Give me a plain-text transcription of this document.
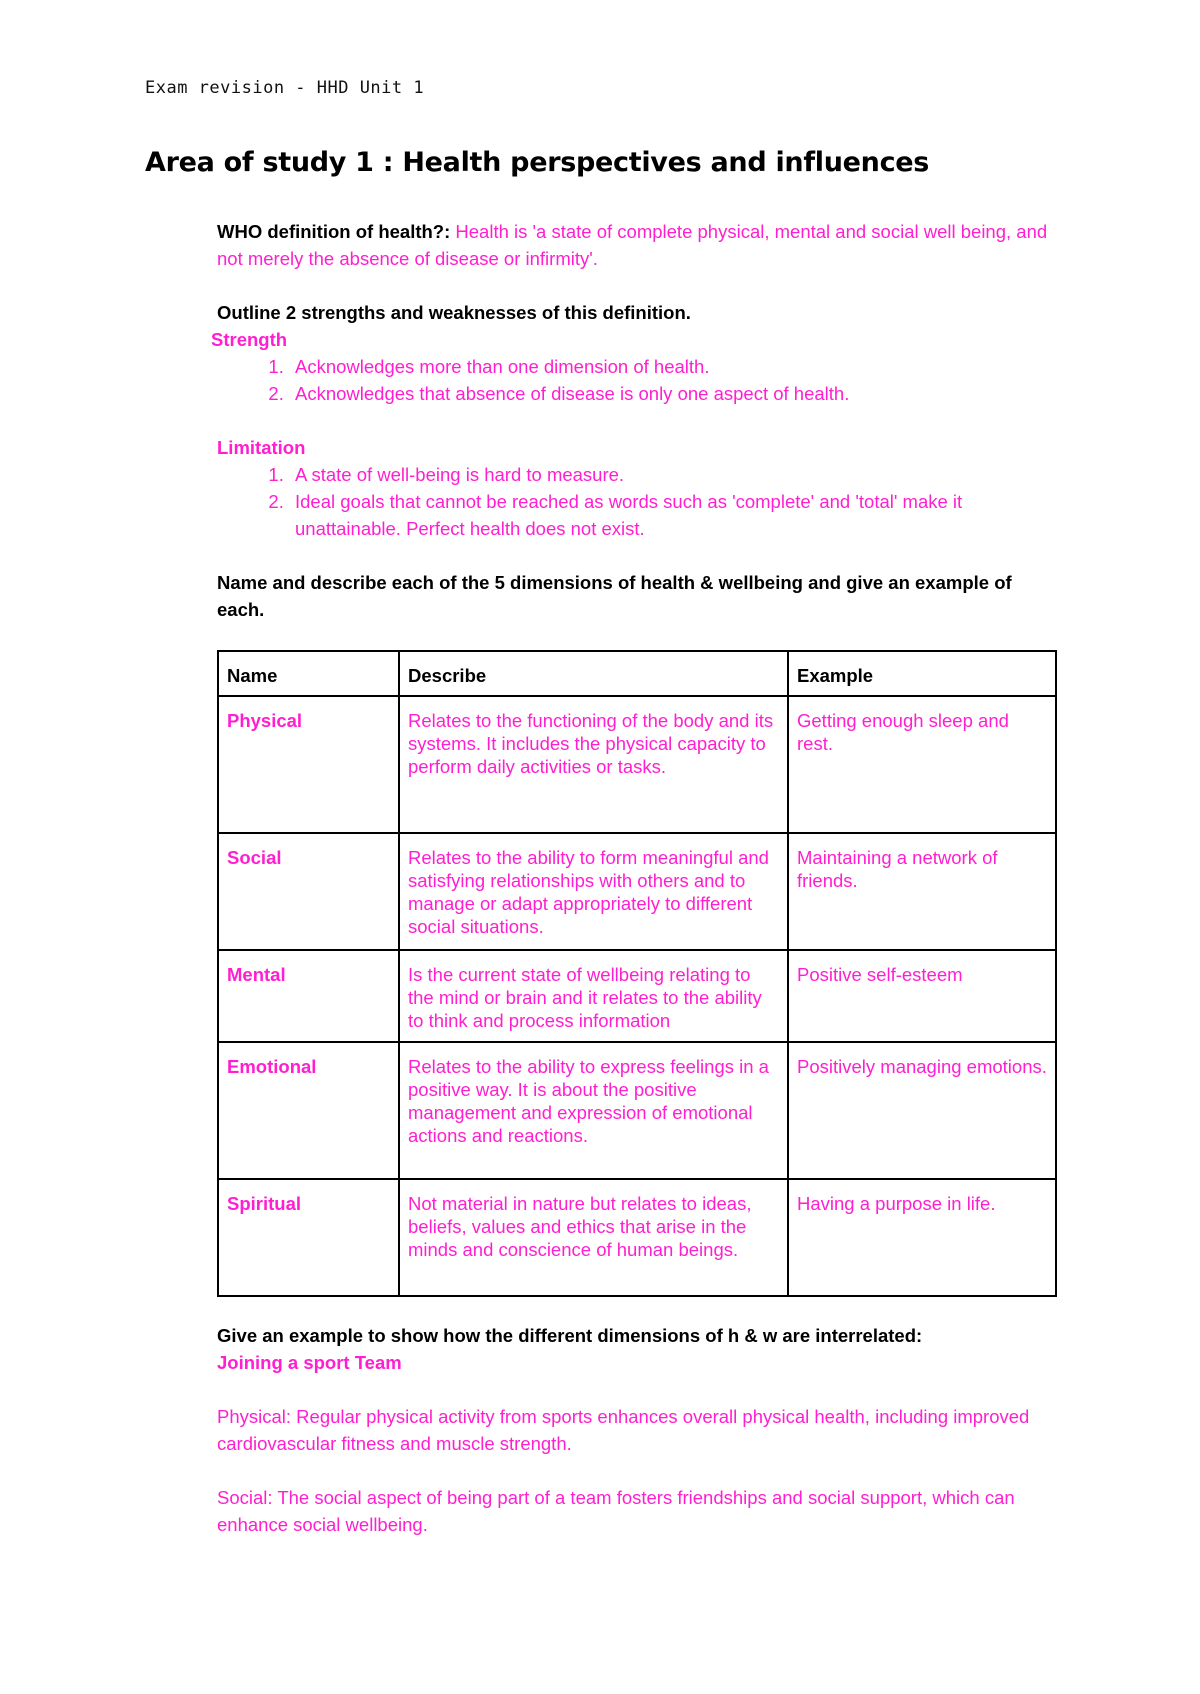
Exam revision - HHD Unit 1
Area of study 1 : Health perspectives and influences

WHO definition of health?: Health is 'a state of complete physical, mental and social well being, and not merely the absence of disease or infirmity'.

Outline 2 strengths and weaknesses of this definition.

Strength

1. Acknowledges more than one dimension of health.
2. Acknowledges that absence of disease is only one aspect of health.

Limitation

1. A state of well-being is hard to measure.
2. Ideal goals that cannot be reached as words such as 'complete' and 'total' make it unattainable. Perfect health does not exist.

Name and describe each of the 5 dimensions of health & wellbeing and give an example of each.

Name	Describe	Example
Physical	Relates to the functioning of the body and its systems. It includes the physical capacity to perform daily activities or tasks.	Getting enough sleep and rest.
Social	Relates to the ability to form meaningful and satisfying relationships with others and to manage or adapt appropriately to different social situations.	Maintaining a network of friends.
Mental	Is the current state of wellbeing relating to the mind or brain and it relates to the ability to think and process information	Positive self-esteem
Emotional	Relates to the ability to express feelings in a positive way. It is about the positive management and expression of emotional actions and reactions.	Positively managing emotions.
Spiritual	Not material in nature but relates to ideas, beliefs, values and ethics that arise in the minds and conscience of human beings.	Having a purpose in life.

Give an example to show how the different dimensions of h & w are interrelated:

Joining a sport Team

Physical: Regular physical activity from sports enhances overall physical health, including improved cardiovascular fitness and muscle strength.

Social: The social aspect of being part of a team fosters friendships and social support, which can enhance social wellbeing.
